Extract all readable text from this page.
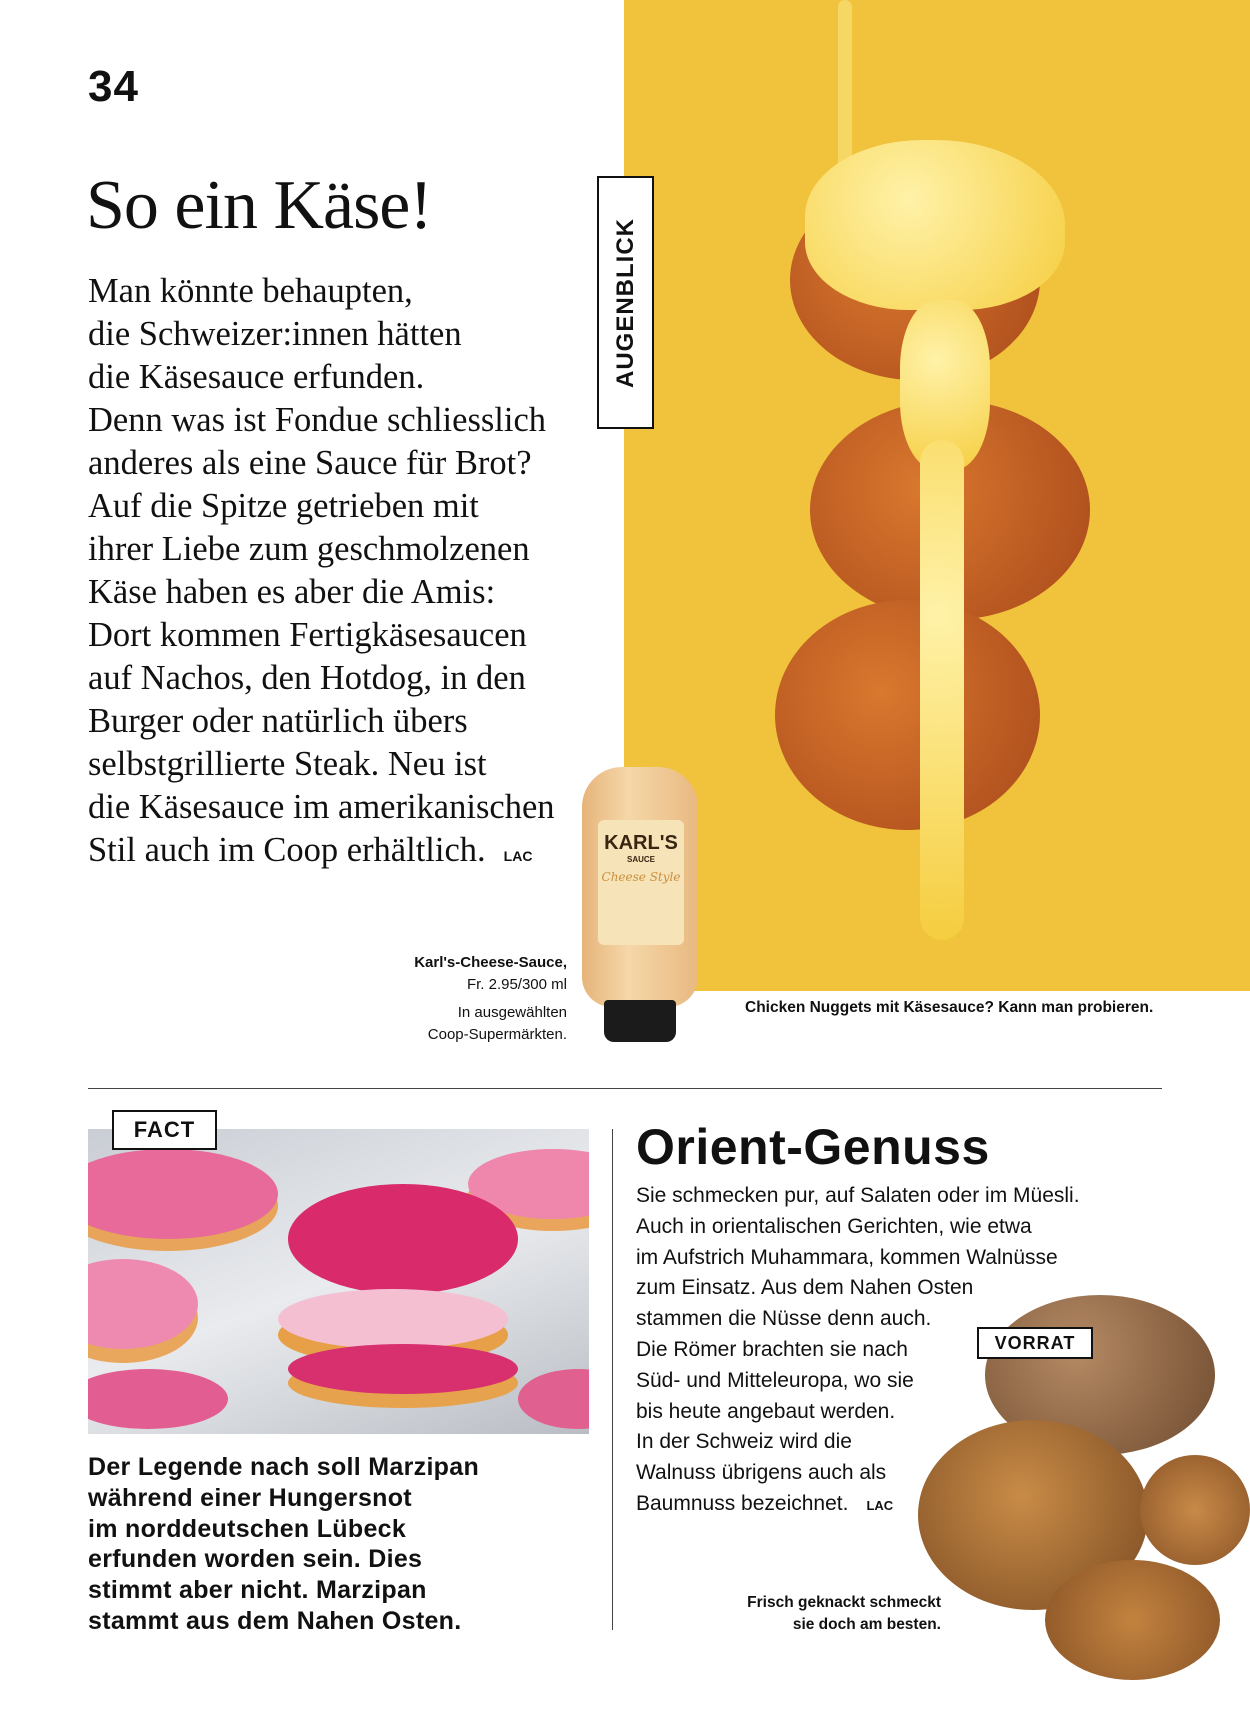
34
AUGENBLICK
So ein Käse!
Man könnte behaupten,
die Schweizer:innen hätten
die Käsesauce erfunden.
Denn was ist Fondue schliesslich
anderes als eine Sauce für Brot?
Auf die Spitze getrieben mit
ihrer Liebe zum geschmolzenen
Käse haben es aber die Amis:
Dort kommen Fertigkäsesaucen
auf Nachos, den Hotdog, in den
Burger oder natürlich übers
selbstgrillierte Steak. Neu ist
die Käsesauce im amerikanischen
Stil auch im Coop erhältlich. LAC
KARL'S
SAUCE
Cheese Style
Karl's-Cheese-Sauce,
Fr. 2.95/300 ml
In ausgewählten
Coop-Supermärkten.
Chicken Nuggets mit Käsesauce? Kann man probieren.
FACT
Der Legende nach soll Marzipan
während einer Hungersnot
im norddeutschen Lübeck
erfunden worden sein. Dies
stimmt aber nicht. Marzipan
stammt aus dem Nahen Osten.
Orient-Genuss
VORRAT
Sie schmecken pur, auf Salaten oder im Müesli.
Auch in orientalischen Gerichten, wie etwa
im Aufstrich Muhammara, kommen Walnüsse
zum Einsatz. Aus dem Nahen Osten
stammen die Nüsse denn auch.
Die Römer brachten sie nach
Süd- und Mitteleuropa, wo sie
bis heute angebaut werden.
In der Schweiz wird die
Walnuss übrigens auch als
Baumnuss bezeichnet. LAC
Frisch geknackt schmeckt
sie doch am besten.
